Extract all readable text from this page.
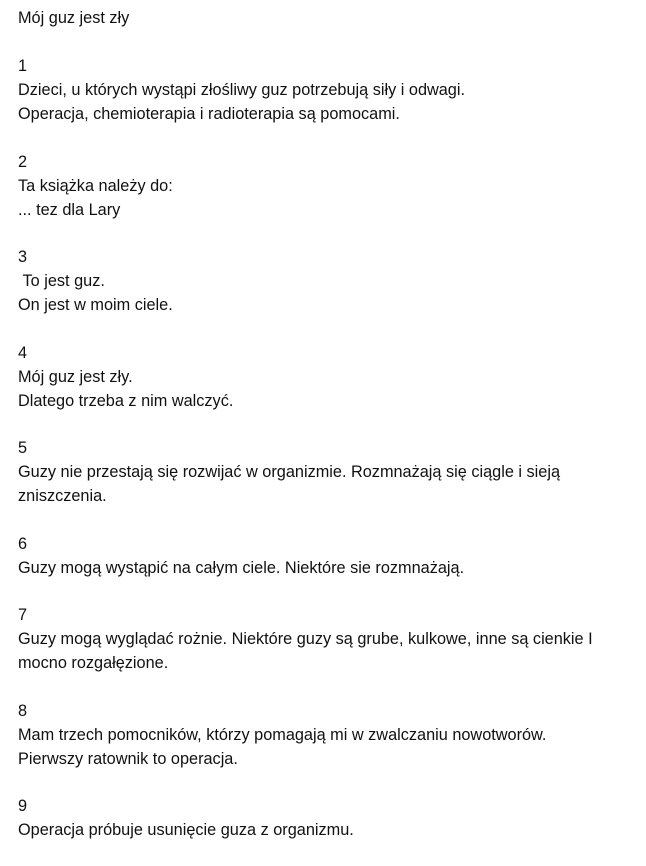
Mój guz jest zły
1
Dzieci, u których wystąpi złośliwy guz potrzebują siły i odwagi.
Operacja, chemioterapia i radioterapia są pomocami.
2
Ta książka należy do:
... tez dla Lary
3
To jest guz.
On jest w moim ciele.
4
Mój guz jest zły.
Dlatego trzeba z nim walczyć.
5
Guzy nie przestają się rozwijać w organizmie. Rozmnażają się ciągle i sieją
zniszczenia.
6
Guzy mogą wystąpić na całym ciele. Niektóre sie rozmnażają.
7
Guzy mogą wyglądać rożnie. Niektóre guzy są grube, kulkowe, inne są cienkie I
mocno rozgałęzione.
8
Mam trzech pomocników, którzy pomagają mi w zwalczaniu nowotworów.
Pierwszy ratownik to operacja.
9
Operacja próbuje usunięcie guza z organizmu.
